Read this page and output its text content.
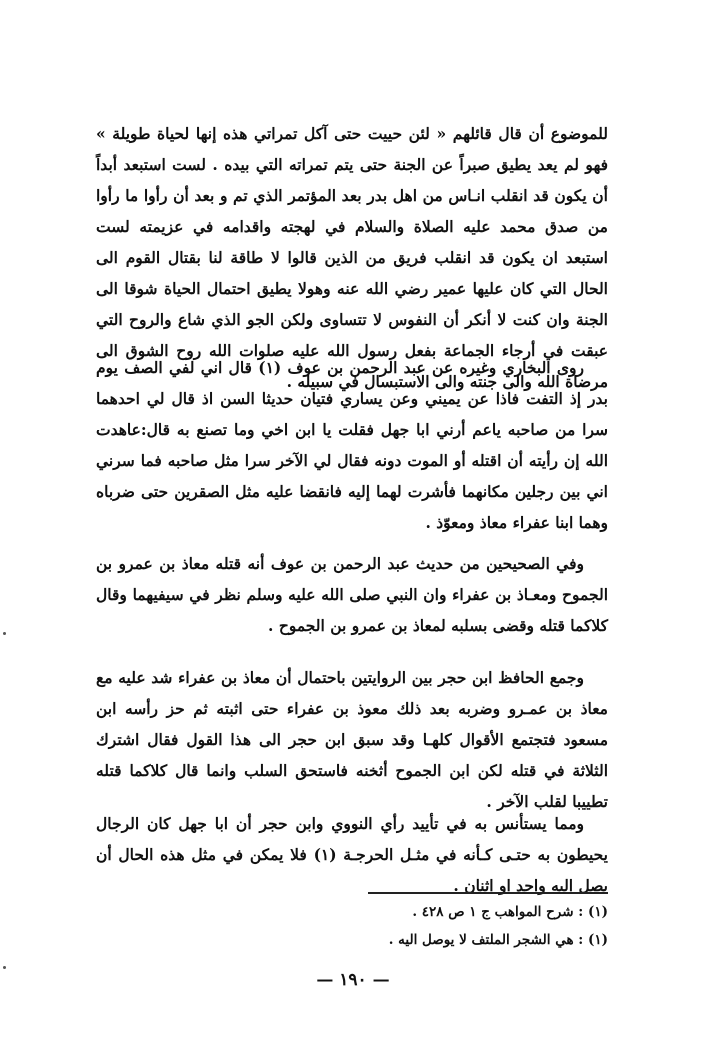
للموضوع أن قال قائلهم « لئن حييت حتى آكل تمراتي هذه إنها لحياة طويلة » فهو لم يعد يطيق صبراً عن الجنة حتى يتم تمراته التي بيده . لست استبعد أبداً أن يكون قد انقلب انـاس من اهل بدر بعد المؤتمر الذي تم و بعد أن رأوا ما رأوا من صدق محمد عليه الصلاة والسلام في لهجته واقدامه في عزيمته لست استبعد ان يكون قد انقلب فريق من الذين قالوا لا طاقة لنا بقتال القوم الى الحال التي كان عليها عمير رضي الله عنه وهولا يطيق احتمال الحياة شوقا الى الجنة وان كنت لا أنكر أن النفوس لا تتساوى ولكن الجو الذي شاع والروح التي عبقت في أرجاء الجماعة بفعل رسول الله عليه صلوات الله روح الشوق الى مرضاة الله والى جنته والى الاستبسال في سبيله .

روى البخاري وغيره عن عبد الرحمن بن عوف (١) قال اني لفي الصف يوم بدر إذ التفت فاذا عن يميني وعن يساري فتيان حديثا السن اذ قال لي احدهما سرا من صاحبه ياعم أرني ابا جهل فقلت يا ابن اخي وما تصنع به قال:عاهدت الله إن رأيته أن اقتله أو الموت دونه فقال لي الآخر سرا مثل صاحبه فما سرني اني بين رجلين مكانهما فأشرت لهما إليه فانقضا عليه مثل الصقرين حتى ضرباه وهما ابنا عفراء معاذ ومعوّذ .

وفي الصحيحين من حديث عبد الرحمن بن عوف أنه قتله معاذ بن عمرو بن الجموح ومعـاذ بن عفراء وان النبي صلى الله عليه وسلم نظر في سيفيهما وقال كلاكما قتله وقضى بسلبه لمعاذ بن عمرو بن الجموح .

وجمع الحافظ ابن حجر بين الروايتين باحتمال أن معاذ بن عفراء شد عليه مع معاذ بن عمـرو وضربه بعد ذلك معوذ بن عفراء حتى اثبته ثم حز رأسه ابن مسعود فتجتمع الأقوال كلهـا وقد سبق ابن حجر الى هذا القول فقال اشترك الثلاثة في قتله لكن ابن الجموح أثخنه فاستحق السلب وانما قال كلاكما قتله تطييبا لقلب الآخر .

ومما يستأنس به في تأييد رأي النووي وابن حجر أن ابا جهل كان الرجال يحيطون به حتـى كـأنه في مثـل الحرجـة (١) فلا يمكن في مثل هذه الحال أن يصل اليه واحد او اثنان .

(١) : شرح المواهب ج ١ ص ٤٢٨ .
(١) : هي الشجر الملتف لا يوصل اليه .
— ١٩٠ —
